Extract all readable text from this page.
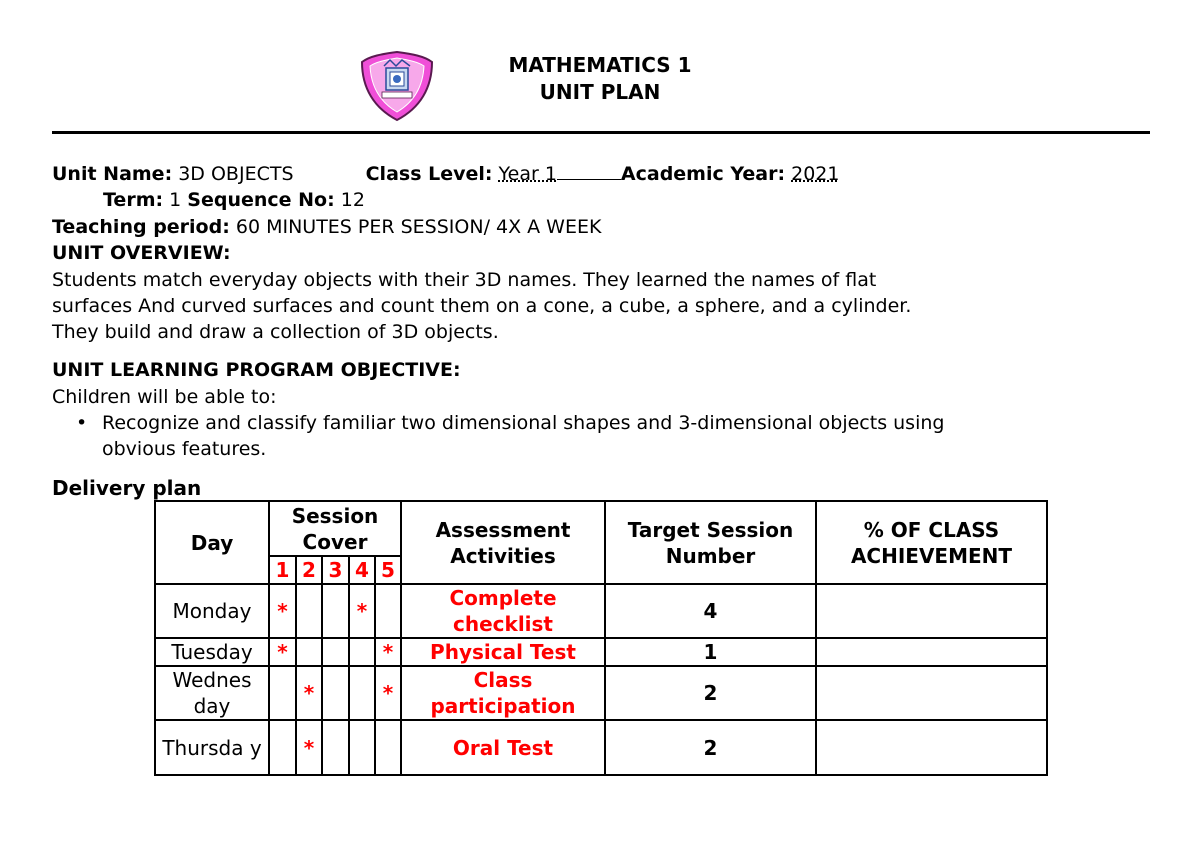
MATHEMATICS 1
UNIT PLAN
Unit Name: 3D OBJECTS	Class Level: Year 1	Academic Year: 2021
Term: 1 Sequence No: 12
Teaching period: 60 MINUTES PER SESSION/ 4X A WEEK
UNIT OVERVIEW:
Students match everyday objects with their 3D names. They learned the names of flat
surfaces And curved surfaces and count them on a cone, a cube, a sphere, and a cylinder.
They build and draw a collection of 3D objects.
UNIT LEARNING PROGRAM OBJECTIVE:
Children will be able to:
• Recognize and classify familiar two dimensional shapes and 3-dimensional objects using
obvious features.
Delivery plan
Day	Session Cover					Assessment Activities	Target Session Number	% OF CLASS ACHIEVEMENT
	1	2	3	4	5			
Monday	*			*		Complete checklist	4	
Tuesday	*				*	Physical Test	1	
Wednes day		*			*	Class participation	2	
Thursda y		*				Oral Test	2	
